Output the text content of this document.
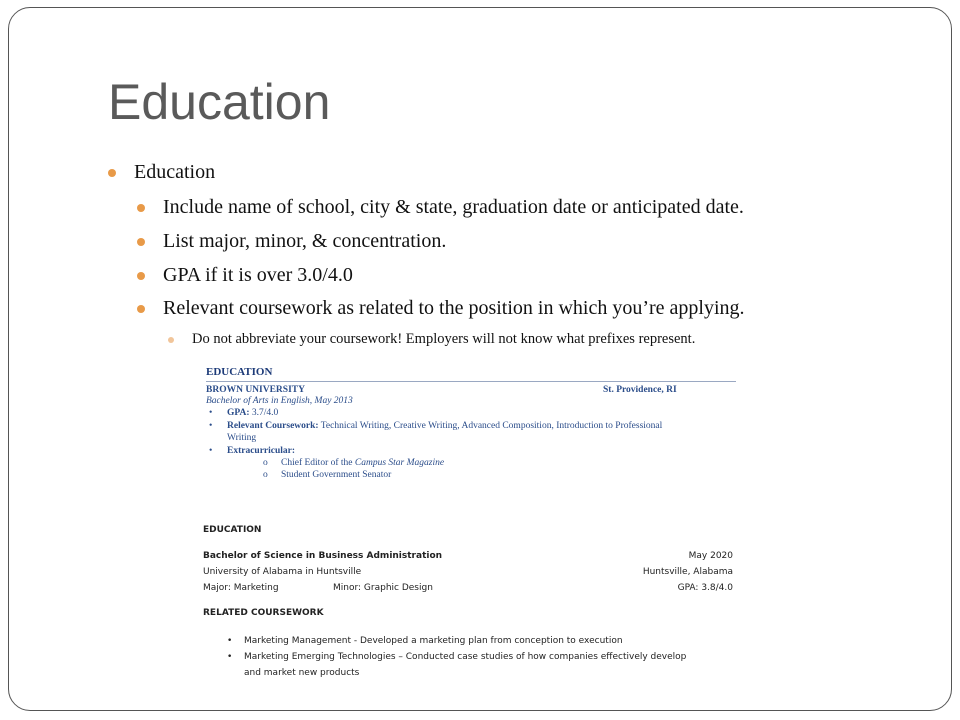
Education
Education
Include name of school, city & state, graduation date or anticipated date.
List major, minor, & concentration.
GPA if it is over 3.0/4.0
Relevant coursework as related to the position in which you’re applying.
Do not abbreviate your coursework! Employers will not know what prefixes represent.
EDUCATION
BROWN UNIVERSITY	St. Providence, RI
Bachelor of Arts in English, May 2013
• GPA: 3.7/4.0
• Relevant Coursework: Technical Writing, Creative Writing, Advanced Composition, Introduction to Professional
Writing
• Extracurricular:
o Chief Editor of the Campus Star Magazine
o Student Government Senator
EDUCATION
Bachelor of Science in Business Administration	May 2020
University of Alabama in Huntsville	Huntsville, Alabama
Major: Marketing	Minor: Graphic Design	GPA: 3.8/4.0
RELATED COURSEWORK
• Marketing Management - Developed a marketing plan from conception to execution
• Marketing Emerging Technologies – Conducted case studies of how companies effectively develop
and market new products
